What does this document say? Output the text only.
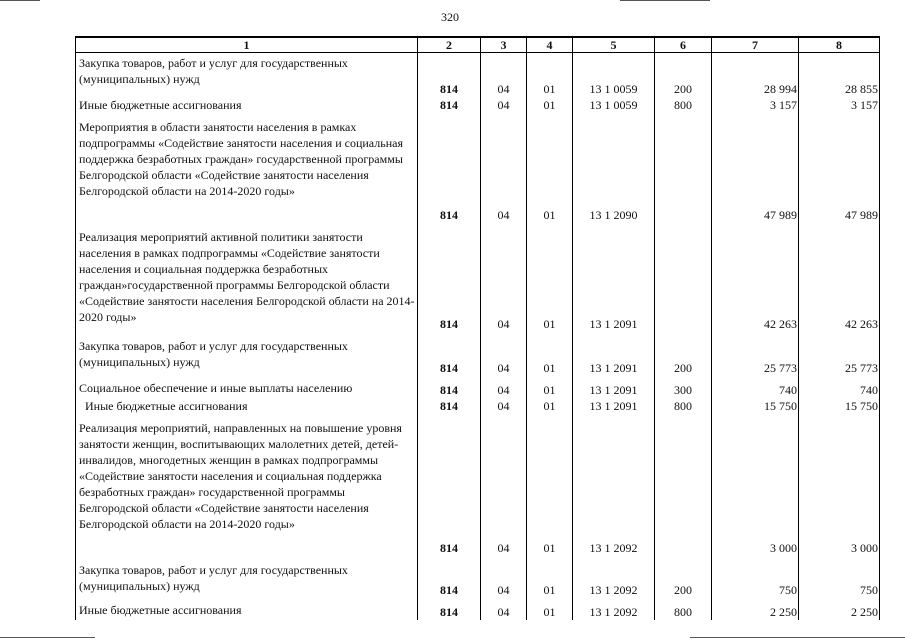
320
1	2	3	4	5	6	7	8
Закупка товаров, работ и услуг для государственных (муниципальных) нужд	814	04	01	13 1 0059	200	28 994	28 855
Иные бюджетные ассигнования	814	04	01	13 1 0059	800	3 157	3 157
Мероприятия в области занятости населения в рамках подпрограммы «Содействие занятости населения и социальная поддержка безработных граждан» государственной программы Белгородской области «Содействие занятости населения Белгородской области на 2014-2020 годы»	814	04	01	13 1 2090		47 989	47 989
Реализация мероприятий активной политики занятости населения в рамках подпрограммы «Содействие занятости населения и социальная поддержка безработных граждан»государственной программы Белгородской области «Содействие занятости населения Белгородской области на 2014-2020 годы»	814	04	01	13 1 2091		42 263	42 263
Закупка товаров, работ и услуг для государственных (муниципальных) нужд	814	04	01	13 1 2091	200	25 773	25 773
Социальное обеспечение и иные выплаты населению	814	04	01	13 1 2091	300	740	740
Иные бюджетные ассигнования	814	04	01	13 1 2091	800	15 750	15 750
Реализация мероприятий, направленных на повышение уровня занятости женщин, воспитывающих малолетних детей, детей-инвалидов, многодетных женщин в рамках подпрограммы «Содействие занятости населения и социальная поддержка безработных граждан» государственной программы Белгородской области «Содействие занятости населения Белгородской области на 2014-2020 годы»	814	04	01	13 1 2092		3 000	3 000
Закупка товаров, работ и услуг для государственных (муниципальных) нужд	814	04	01	13 1 2092	200	750	750
Иные бюджетные ассигнования	814	04	01	13 1 2092	800	2 250	2 250
